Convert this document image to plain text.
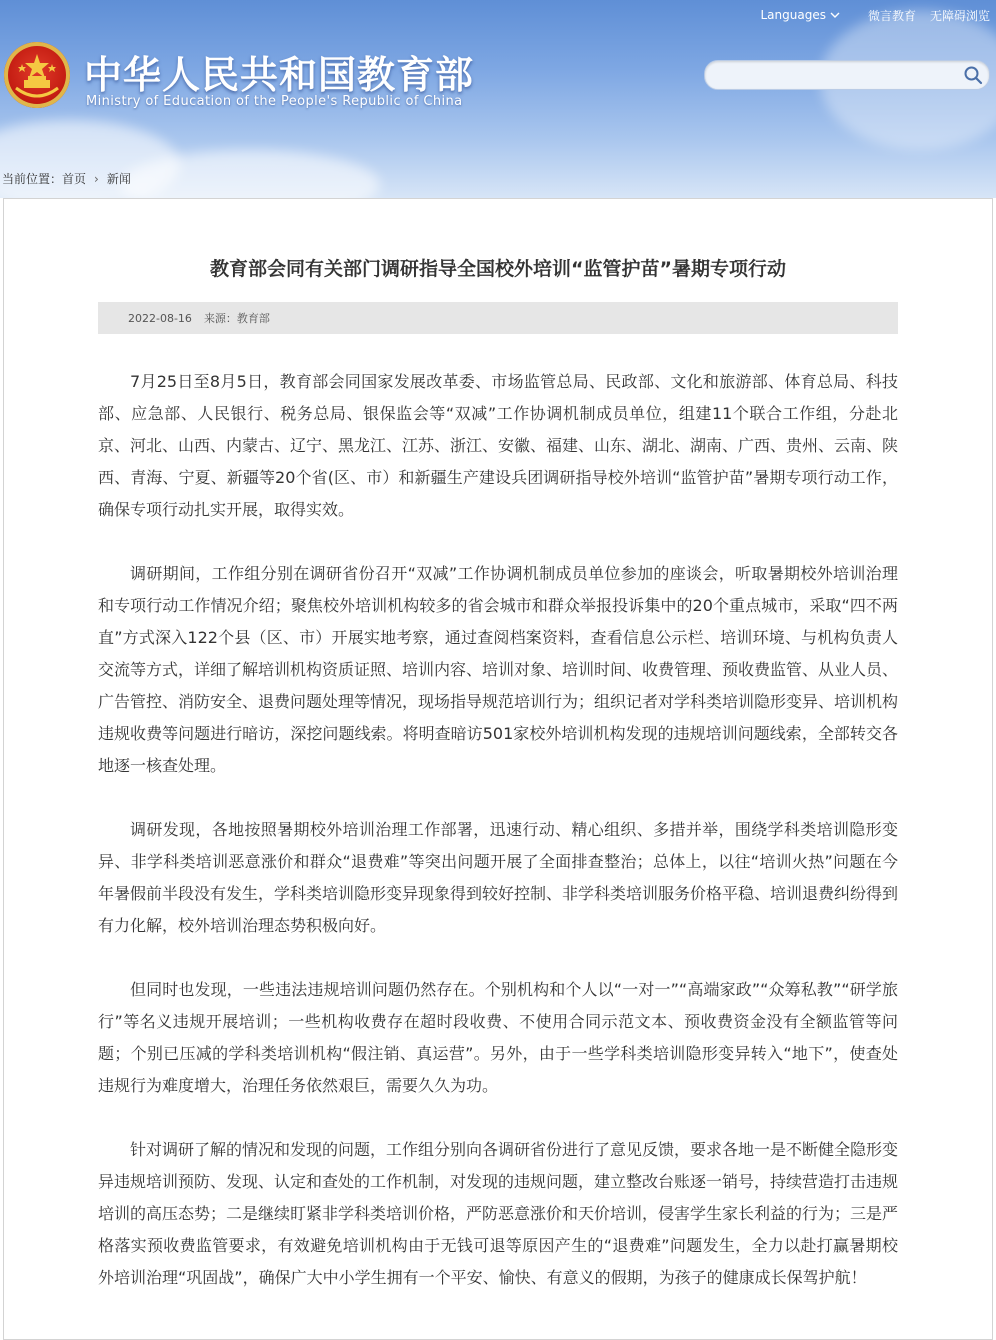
中华人民共和国教育部
Ministry of Education of the People's Republic of China
Languages	微言教育 无障碍浏览
当前位置： 首页 › 新闻
教育部会同有关部门调研指导全国校外培训“监管护苗”暑期专项行动
2022-08-16 来源：教育部

7月25日至8月5日，教育部会同国家发展改革委、市场监管总局、民政部、文化和旅游部、体育总局、科技部、应急部、人民银行、税务总局、银保监会等“双减”工作协调机制成员单位，组建11个联合工作组，分赴北京、河北、山西、内蒙古、辽宁、黑龙江、江苏、浙江、安徽、福建、山东、湖北、湖南、广西、贵州、云南、陕西、青海、宁夏、新疆等20个省(区、市）和新疆生产建设兵团调研指导校外培训“监管护苗”暑期专项行动工作，确保专项行动扎实开展，取得实效。

调研期间，工作组分别在调研省份召开“双减”工作协调机制成员单位参加的座谈会，听取暑期校外培训治理和专项行动工作情况介绍；聚焦校外培训机构较多的省会城市和群众举报投诉集中的20个重点城市，采取“四不两直”方式深入122个县（区、市）开展实地考察，通过查阅档案资料，查看信息公示栏、培训环境、与机构负责人交流等方式，详细了解培训机构资质证照、培训内容、培训对象、培训时间、收费管理、预收费监管、从业人员、广告管控、消防安全、退费问题处理等情况，现场指导规范培训行为；组织记者对学科类培训隐形变异、培训机构违规收费等问题进行暗访，深挖问题线索。将明查暗访501家校外培训机构发现的违规培训问题线索，全部转交各地逐一核查处理。

调研发现，各地按照暑期校外培训治理工作部署，迅速行动、精心组织、多措并举，围绕学科类培训隐形变异、非学科类培训恶意涨价和群众“退费难”等突出问题开展了全面排查整治；总体上，以往“培训火热”问题在今年暑假前半段没有发生，学科类培训隐形变异现象得到较好控制、非学科类培训服务价格平稳、培训退费纠纷得到有力化解，校外培训治理态势积极向好。

但同时也发现，一些违法违规培训问题仍然存在。个别机构和个人以“一对一”“高端家政”“众筹私教”“研学旅行”等名义违规开展培训；一些机构收费存在超时段收费、不使用合同示范文本、预收费资金没有全额监管等问题；个别已压减的学科类培训机构“假注销、真运营”。另外，由于一些学科类培训隐形变异转入“地下”，使查处违规行为难度增大，治理任务依然艰巨，需要久久为功。

针对调研了解的情况和发现的问题，工作组分别向各调研省份进行了意见反馈，要求各地一是不断健全隐形变异违规培训预防、发现、认定和查处的工作机制，对发现的违规问题，建立整改台账逐一销号，持续营造打击违规培训的高压态势；二是继续盯紧非学科类培训价格，严防恶意涨价和天价培训，侵害学生家长利益的行为；三是严格落实预收费监管要求，有效避免培训机构由于无钱可退等原因产生的“退费难”问题发生，全力以赴打赢暑期校外培训治理“巩固战”，确保广大中小学生拥有一个平安、愉快、有意义的假期，为孩子的健康成长保驾护航！
